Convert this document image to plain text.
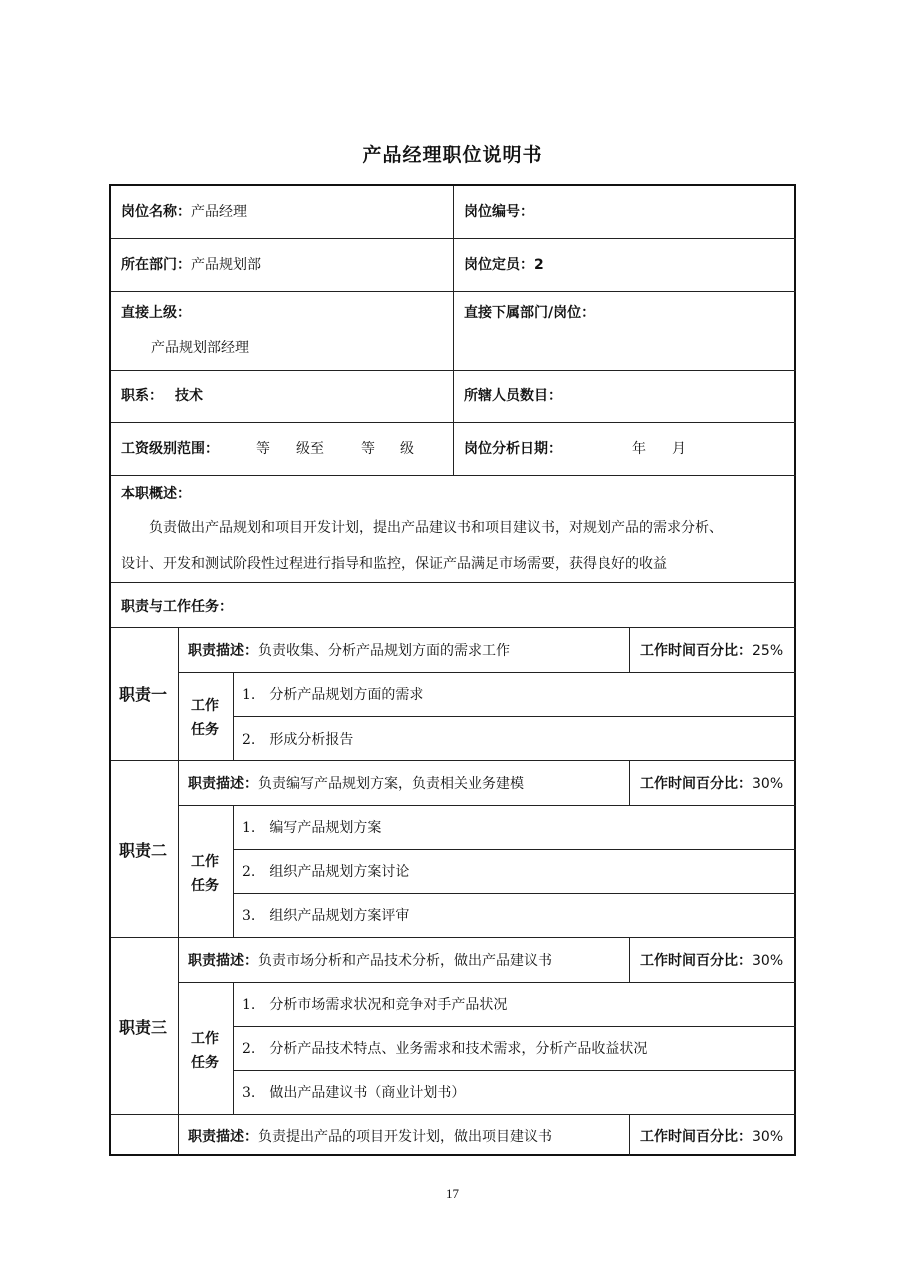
产品经理职位说明书
岗位名称：产品经理	岗位编号：
所在部门：产品规划部	岗位定员：2
直接上级：
产品规划部经理
直接下属部门/岗位：
职系： 技术	所辖人员数目：
工资级别范围：	等 级至	等 级	岗位分析日期：	年 月
本职概述：
负责做出产品规划和项目开发计划，提出产品建议书和项目建议书，对规划产品的需求分析、
设计、开发和测试阶段性过程进行指导和监控，保证产品满足市场需要，获得良好的收益
职责与工作任务：
职责一
职责描述：负责收集、分析产品规划方面的需求工作	工作时间百分比：25%
工作
任务
1. 分析产品规划方面的需求
2. 形成分析报告
职责二
职责描述：负责编写产品规划方案，负责相关业务建模	工作时间百分比：30%
工作
任务
1. 编写产品规划方案
2. 组织产品规划方案讨论
3. 组织产品规划方案评审
职责三
职责描述：负责市场分析和产品技术分析，做出产品建议书	工作时间百分比：30%
工作
任务
1. 分析市场需求状况和竞争对手产品状况
2. 分析产品技术特点、业务需求和技术需求，分析产品收益状况
3. 做出产品建议书（商业计划书）
职责描述：负责提出产品的项目开发计划，做出项目建议书	工作时间百分比：30%
17
